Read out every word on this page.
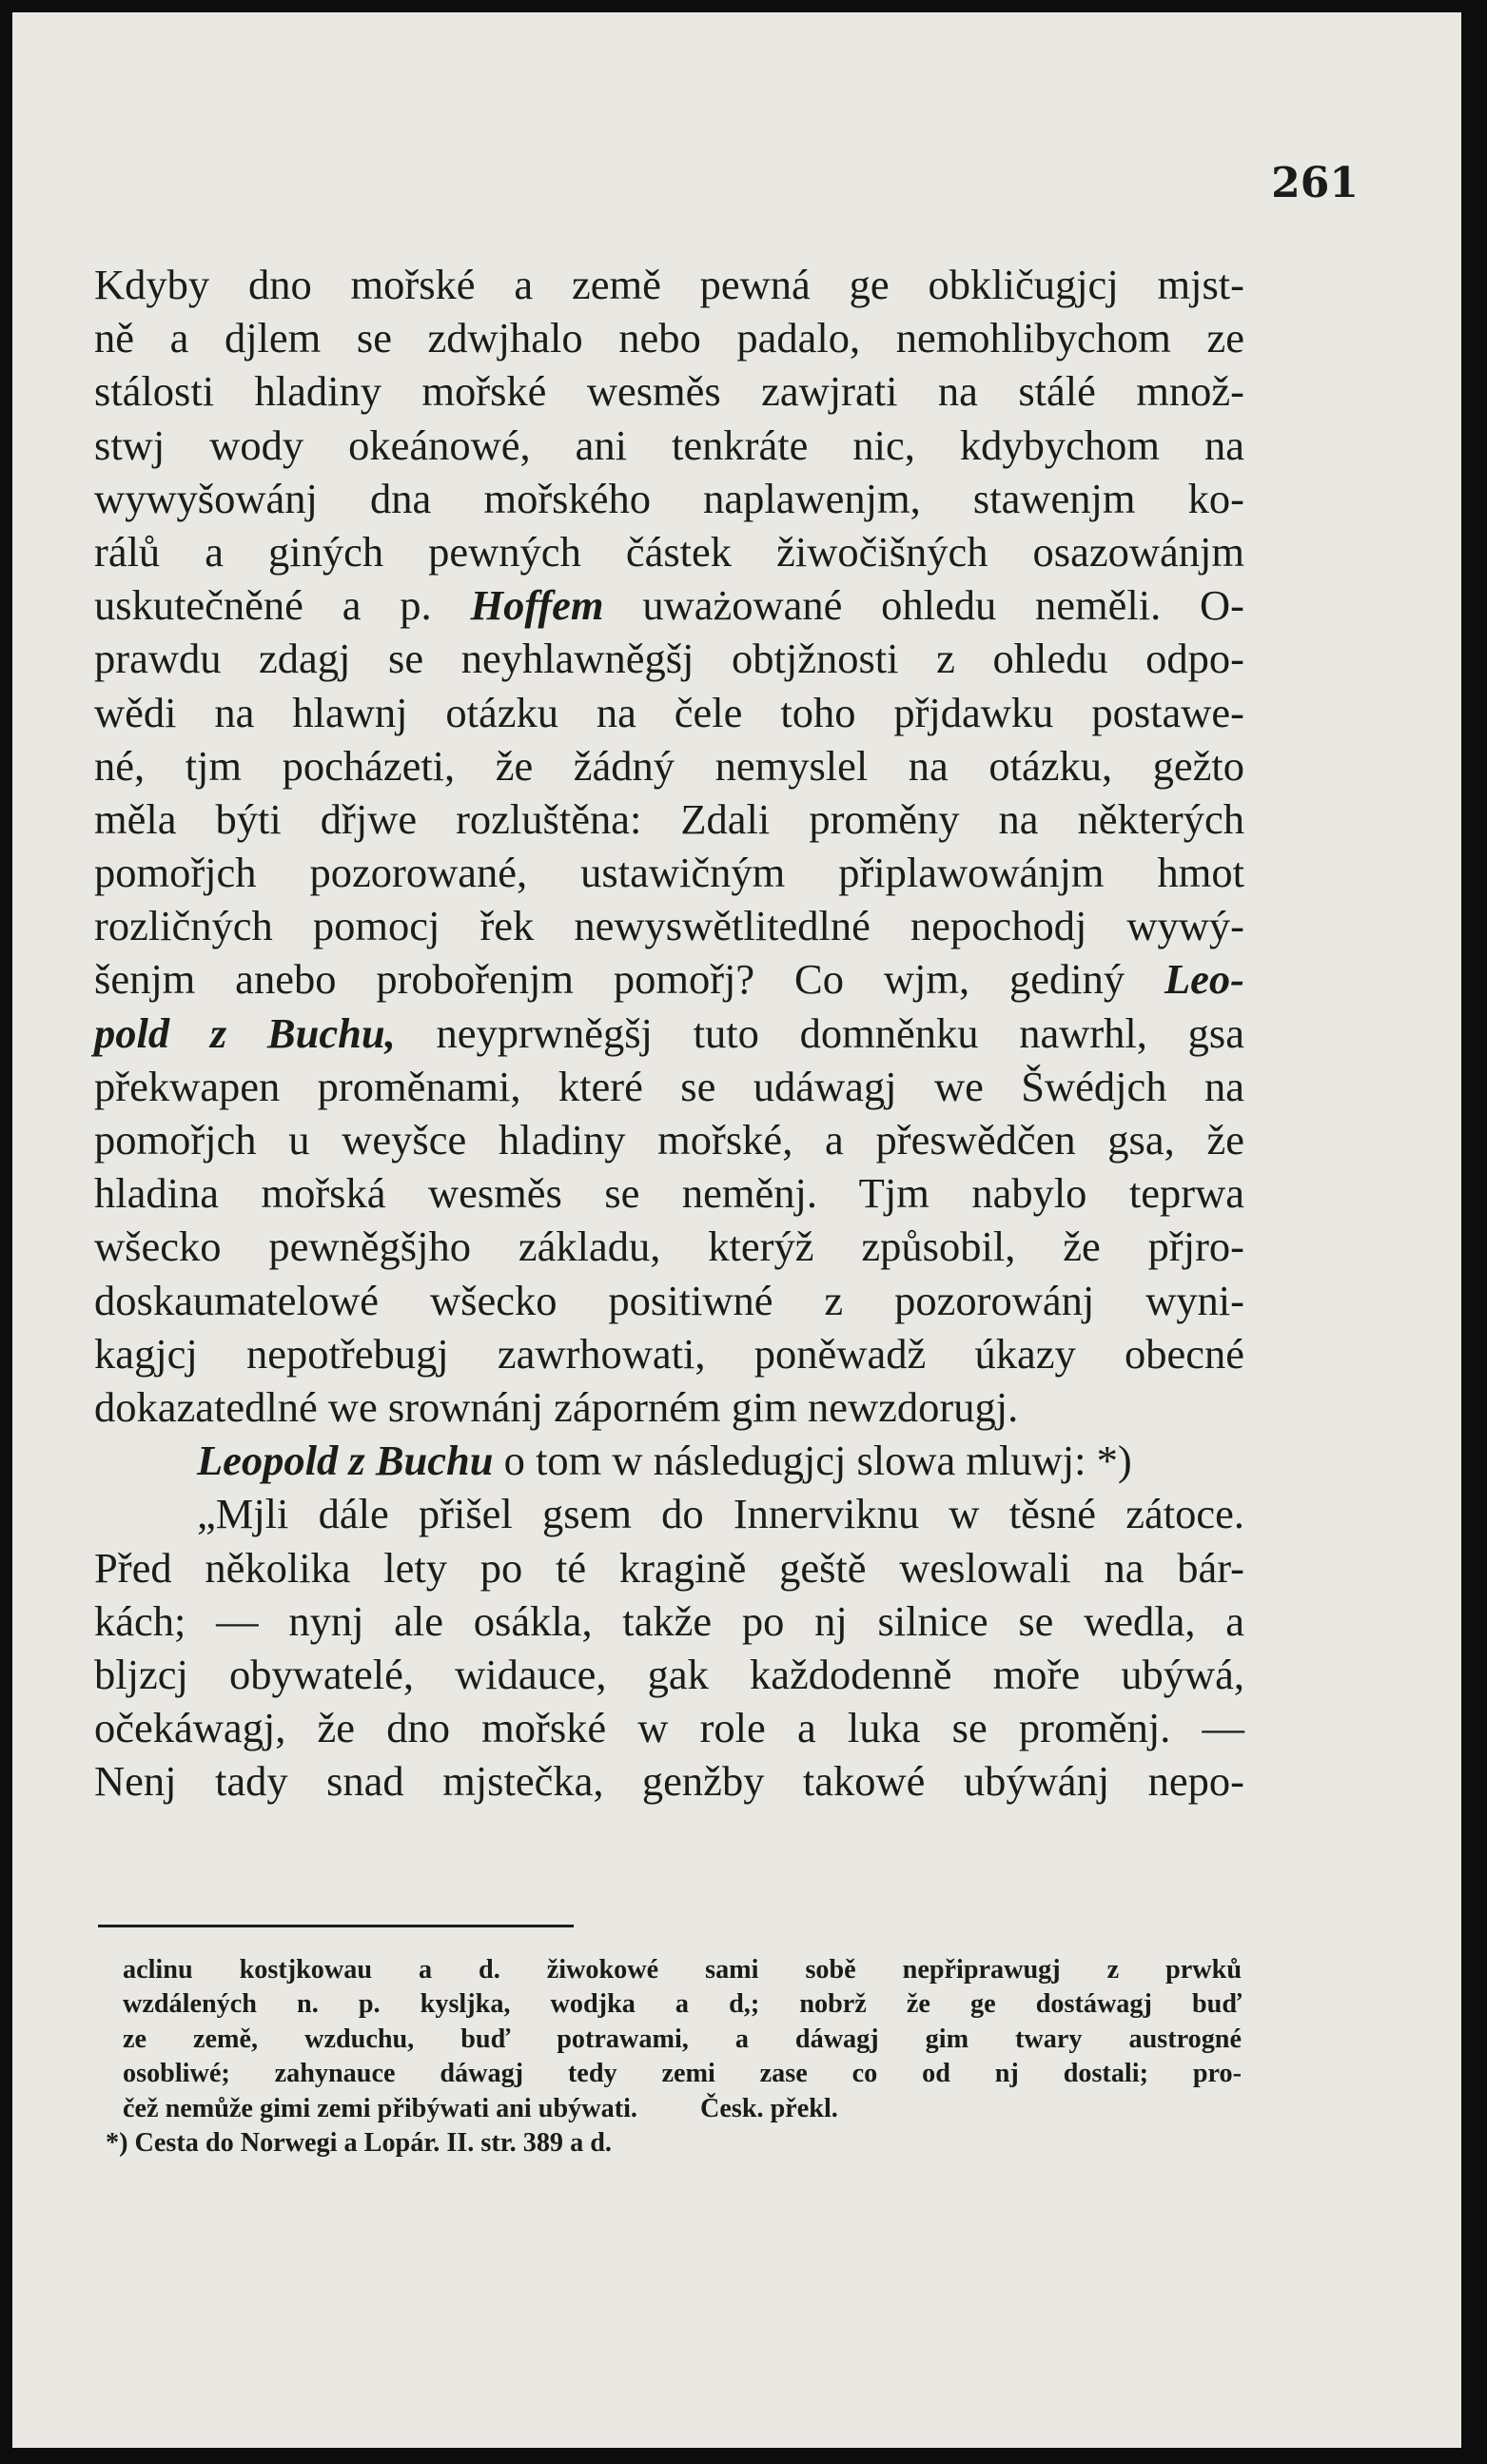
261
Kdyby dno mořské a země pewná ge obkličugjcj mjst-
ně a djlem se zdwjhalo nebo padalo, nemohlibychom ze
stálosti hladiny mořské wesměs zawjrati na stálé množ-
stwj wody okeánowé, ani tenkráte nic, kdybychom na
wywyšowánj dna mořského naplawenjm, stawenjm ko-
rálů a giných pewných částek žiwočišných osazowánjm
uskutečněné a p. Hoffem uważowané ohledu neměli. O-
prawdu zdagj se neyhlawněgšj obtjžnosti z ohledu odpo-
wědi na hlawnj otázku na čele toho přjdawku postawe-
né, tjm pocházeti, že žádný nemyslel na otázku, gežto
měla býti dřjwe rozluštěna: Zdali proměny na některých
pomořjch pozorowané, ustawičným připlawowánjm hmot
rozličných pomocj řek newyswětlitedlné nepochodj wywý-
šenjm anebo probořenjm pomořj? Co wjm, gediný Leo-
pold z Buchu, neyprwněgšj tuto domněnku nawrhl, gsa
překwapen proměnami, které se udáwagj we Šwédjch na
pomořjch u weyšce hladiny mořské, a přeswědčen gsa, že
hladina mořská wesměs se neměnj. Tjm nabylo teprwa
wšecko pewněgšjho základu, kterýž způsobil, že přjro-
doskaumatelowé wšecko positiwné z pozorowánj wyni-
kagjcj nepotřebugj zawrhowati, poněwadž úkazy obecné
dokazatedlné we srownánj záporném gim newzdorugj.
Leopold z Buchu o tom w následugjcj slowa mluwj: *)
„Mjli dále přišel gsem do Innerviknu w těsné zátoce.
Před několika lety po té kragině geště weslowali na bár-
kách; — nynj ale osákla, takže po nj silnice se wedla, a
bljzcj obywatelé, widauce, gak každodenně moře ubýwá,
očekáwagj, že dno mořské w role a luka se proměnj. —
Nenj tady snad mjstečka, genžby takowé ubýwánj nepo-
aclinu kostjkowau a d. žiwokowé sami sobě nepřiprawugj z prwků
wzdálených n. p. kyslјka, wodjka a d,; nobrž že ge dostáwagj buď
ze země, wzduchu, buď potrawami, a dáwagj gim twary austrogné
osobliwé; zahynauce dáwagj tedy zemi zase co od nj dostali; pro-
čež nemůže gimi zemi přibýwati ani ubýwati. Česk. překl.
*) Cesta do Norwegi a Lopár. II. str. 389 a d.
